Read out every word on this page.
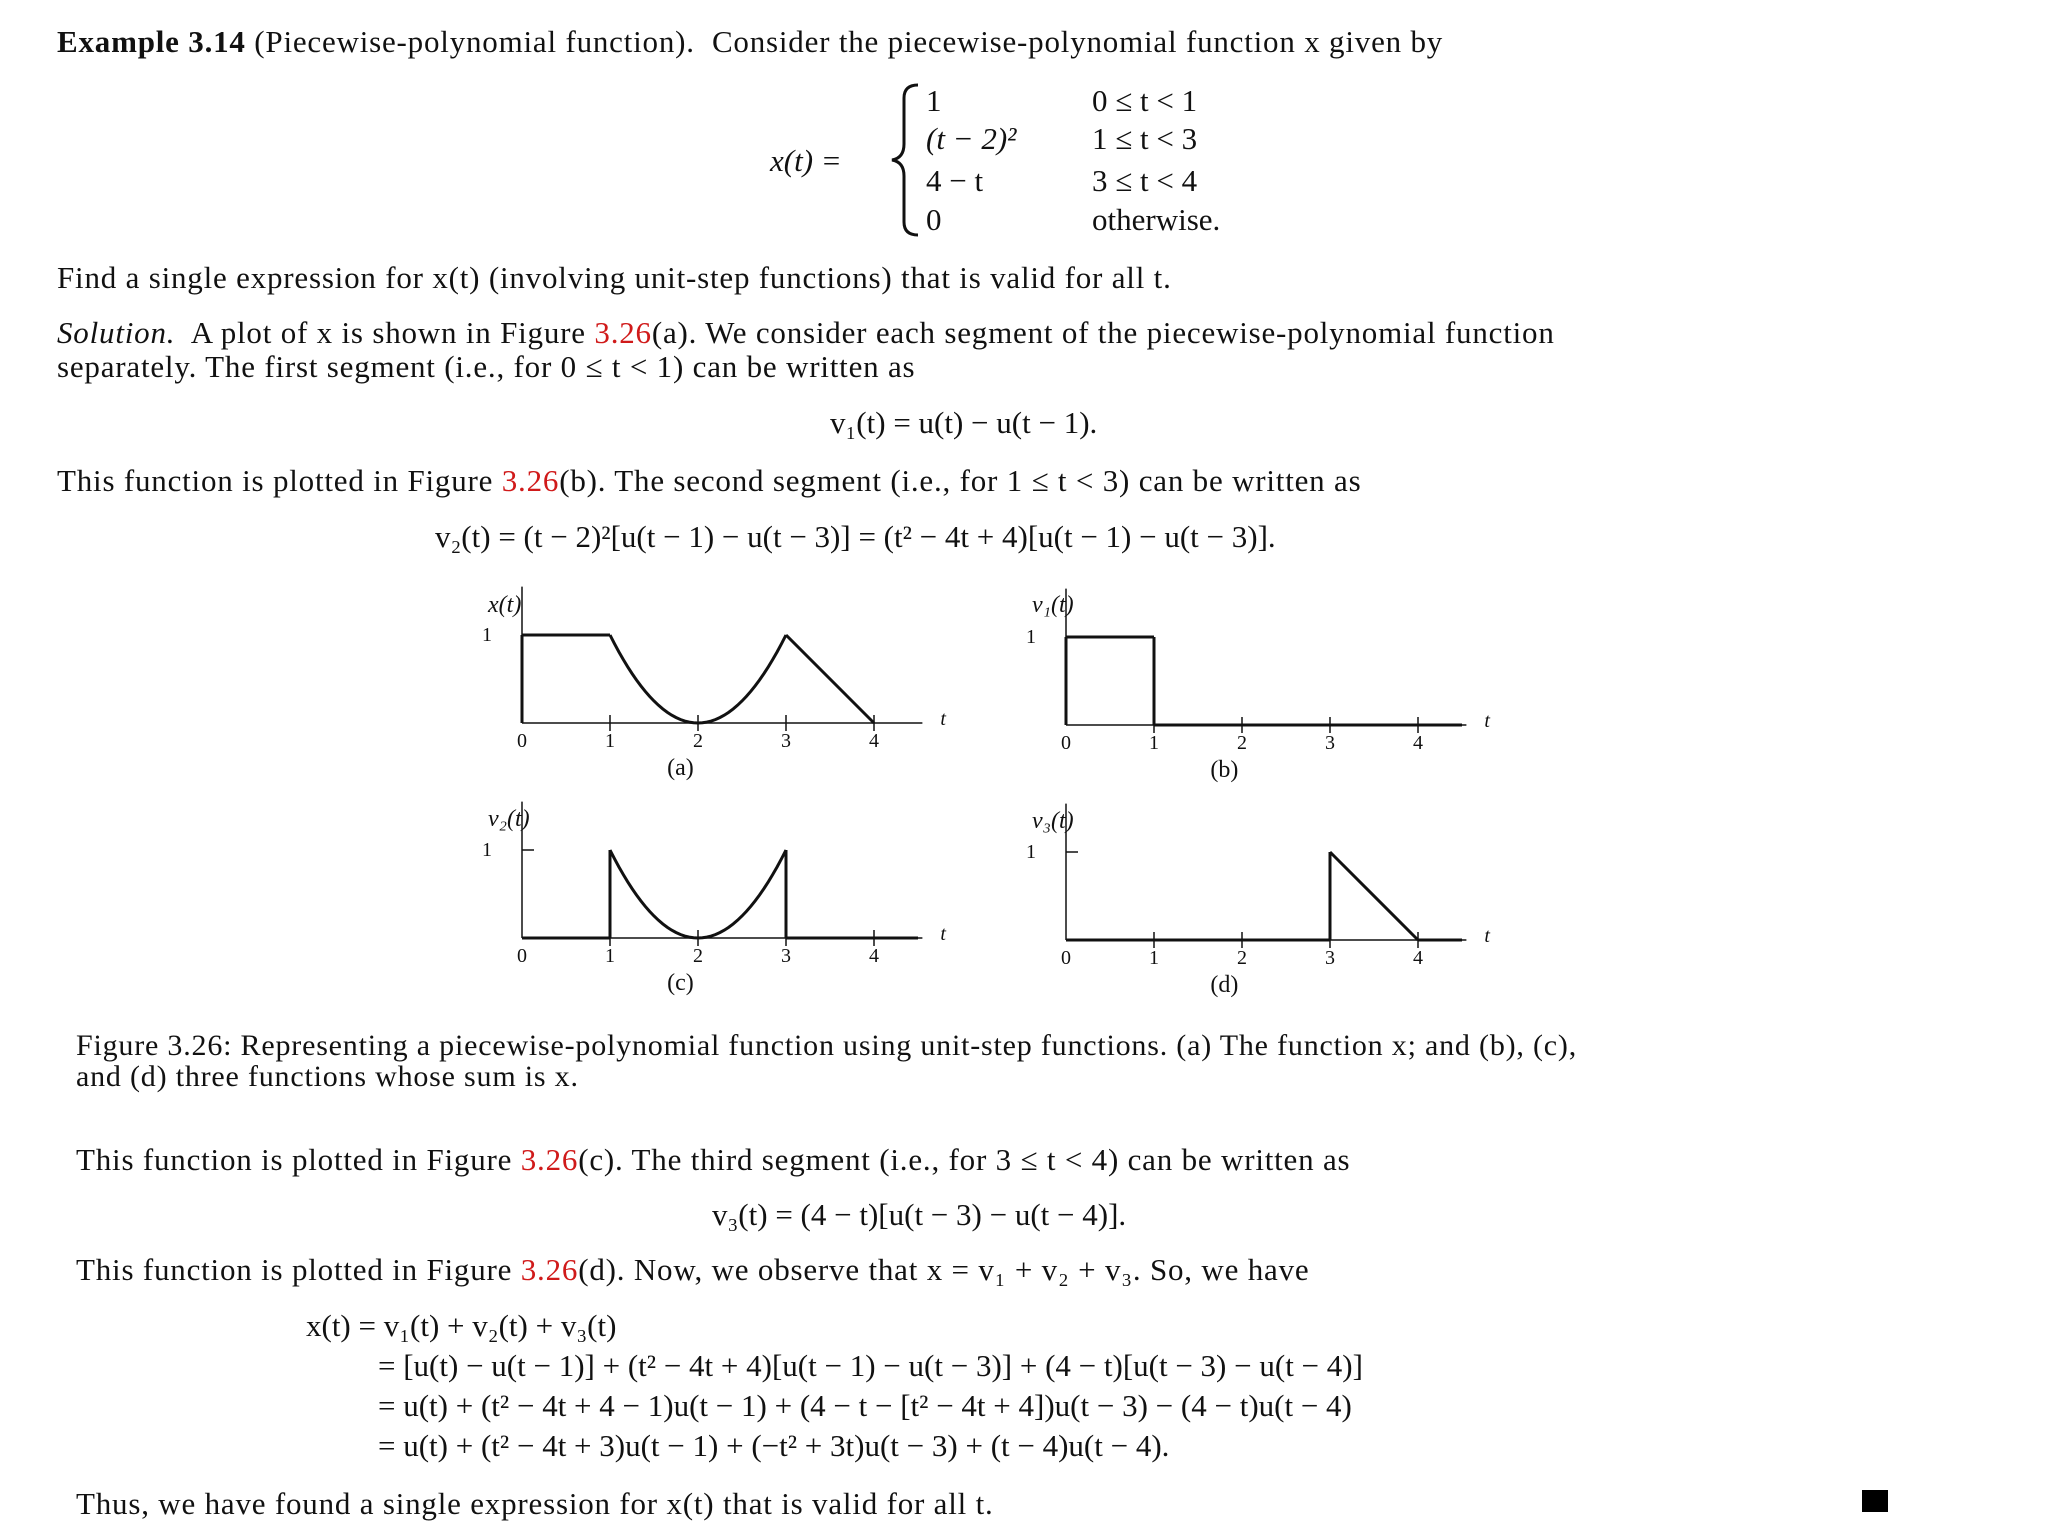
Example 3.14 (Piecewise-polynomial function). Consider the piecewise-polynomial function x given by
x(t) =
1	0 ≤ t < 1
(t − 2)² 1 ≤ t < 3
4 − t	3 ≤ t < 4
0	otherwise.
Find a single expression for x(t) (involving unit-step functions) that is valid for all t.
Solution. A plot of x is shown in Figure 3.26(a). We consider each segment of the piecewise-polynomial function
separately. The first segment (i.e., for 0 ≤ t < 1) can be written as
v₁(t) = u(t) − u(t − 1).
This function is plotted in Figure 3.26(b). The second segment (i.e., for 1 ≤ t < 3) can be written as
v₂(t) = (t − 2)²[u(t − 1) − u(t − 3)] = (t² − 4t + 4)[u(t − 1) − u(t − 3)].
0	1	2	3	4
1
t
x(t)
(a)
0	1	2	3	4
1
t
v₁(t)
(b)
0	1	2	3	4
1
t
v₂(t)
(c)
0	1	2	3	4
1
t
v₃(t)
(d)
Figure 3.26: Representing a piecewise-polynomial function using unit-step functions. (a) The function x; and (b), (c),
and (d) three functions whose sum is x.
This function is plotted in Figure 3.26(c). The third segment (i.e., for 3 ≤ t < 4) can be written as
v₃(t) = (4 − t)[u(t − 3) − u(t − 4)].
This function is plotted in Figure 3.26(d). Now, we observe that x = v₁ + v₂ + v₃. So, we have
x(t) = v₁(t) + v₂(t) + v₃(t)
= [u(t) − u(t − 1)] + (t² − 4t + 4)[u(t − 1) − u(t − 3)] + (4 − t)[u(t − 3) − u(t − 4)]
= u(t) + (t² − 4t + 4 − 1)u(t − 1) + (4 − t − [t² − 4t + 4])u(t − 3) − (4 − t)u(t − 4)
= u(t) + (t² − 4t + 3)u(t − 1) + (−t² + 3t)u(t − 3) + (t − 4)u(t − 4).
Thus, we have found a single expression for x(t) that is valid for all t.
